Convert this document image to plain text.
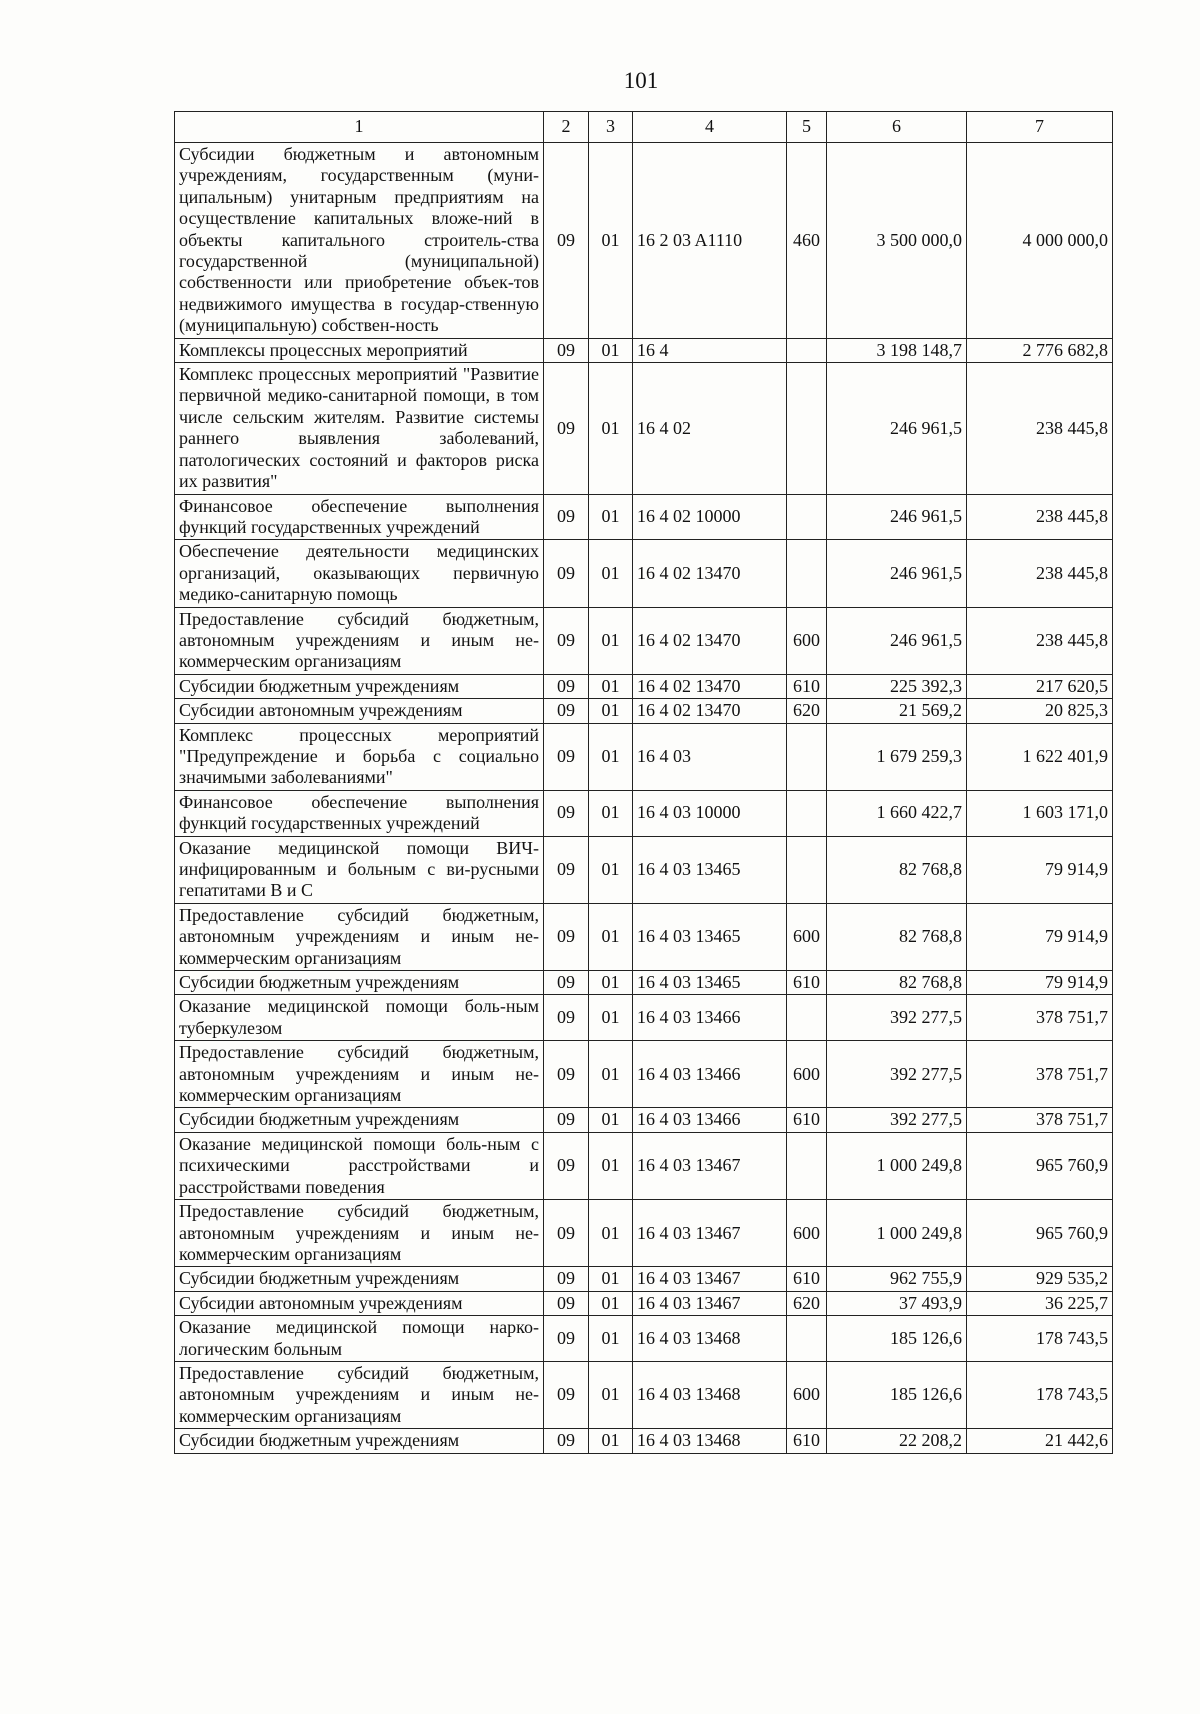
101
1	2	3	4	5	6	7
Субсидии бюджетным и автономным учреждениям, государственным (муни-ципальным) унитарным предприятиям на осуществление капитальных вложе-ний в объекты капитального строитель-ства государственной (муниципальной) собственности или приобретение объек-тов недвижимого имущества в государ-ственную (муниципальную) собствен-ность	09	01	16 2 03 A1110	460	3 500 000,0	4 000 000,0
Комплексы процессных мероприятий	09	01	16 4		3 198 148,7	2 776 682,8
Комплекс процессных мероприятий "Развитие первичной медико-санитарной помощи, в том числе сельским жителям. Развитие системы раннего выявления заболеваний, патологических состояний и факторов риска их развития"	09	01	16 4 02		246 961,5	238 445,8
Финансовое обеспечение выполнения функций государственных учреждений	09	01	16 4 02 10000		246 961,5	238 445,8
Обеспечение деятельности медицинских организаций, оказывающих первичную медико-санитарную помощь	09	01	16 4 02 13470		246 961,5	238 445,8
Предоставление субсидий бюджетным, автономным учреждениям и иным не-коммерческим организациям	09	01	16 4 02 13470	600	246 961,5	238 445,8
Субсидии бюджетным учреждениям	09	01	16 4 02 13470	610	225 392,3	217 620,5
Субсидии автономным учреждениям	09	01	16 4 02 13470	620	21 569,2	20 825,3
Комплекс процессных мероприятий "Предупреждение и борьба с социально значимыми заболеваниями"	09	01	16 4 03		1 679 259,3	1 622 401,9
Финансовое обеспечение выполнения функций государственных учреждений	09	01	16 4 03 10000		1 660 422,7	1 603 171,0
Оказание медицинской помощи ВИЧ-инфицированным и больным с ви-русными гепатитами В и С	09	01	16 4 03 13465		82 768,8	79 914,9
Предоставление субсидий бюджетным, автономным учреждениям и иным не-коммерческим организациям	09	01	16 4 03 13465	600	82 768,8	79 914,9
Субсидии бюджетным учреждениям	09	01	16 4 03 13465	610	82 768,8	79 914,9
Оказание медицинской помощи боль-ным туберкулезом	09	01	16 4 03 13466		392 277,5	378 751,7
Предоставление субсидий бюджетным, автономным учреждениям и иным не-коммерческим организациям	09	01	16 4 03 13466	600	392 277,5	378 751,7
Субсидии бюджетным учреждениям	09	01	16 4 03 13466	610	392 277,5	378 751,7
Оказание медицинской помощи боль-ным с психическими расстройствами и расстройствами поведения	09	01	16 4 03 13467		1 000 249,8	965 760,9
Предоставление субсидий бюджетным, автономным учреждениям и иным не-коммерческим организациям	09	01	16 4 03 13467	600	1 000 249,8	965 760,9
Субсидии бюджетным учреждениям	09	01	16 4 03 13467	610	962 755,9	929 535,2
Субсидии автономным учреждениям	09	01	16 4 03 13467	620	37 493,9	36 225,7
Оказание медицинской помощи нарко-логическим больным	09	01	16 4 03 13468		185 126,6	178 743,5
Предоставление субсидий бюджетным, автономным учреждениям и иным не-коммерческим организациям	09	01	16 4 03 13468	600	185 126,6	178 743,5
Субсидии бюджетным учреждениям	09	01	16 4 03 13468	610	22 208,2	21 442,6
